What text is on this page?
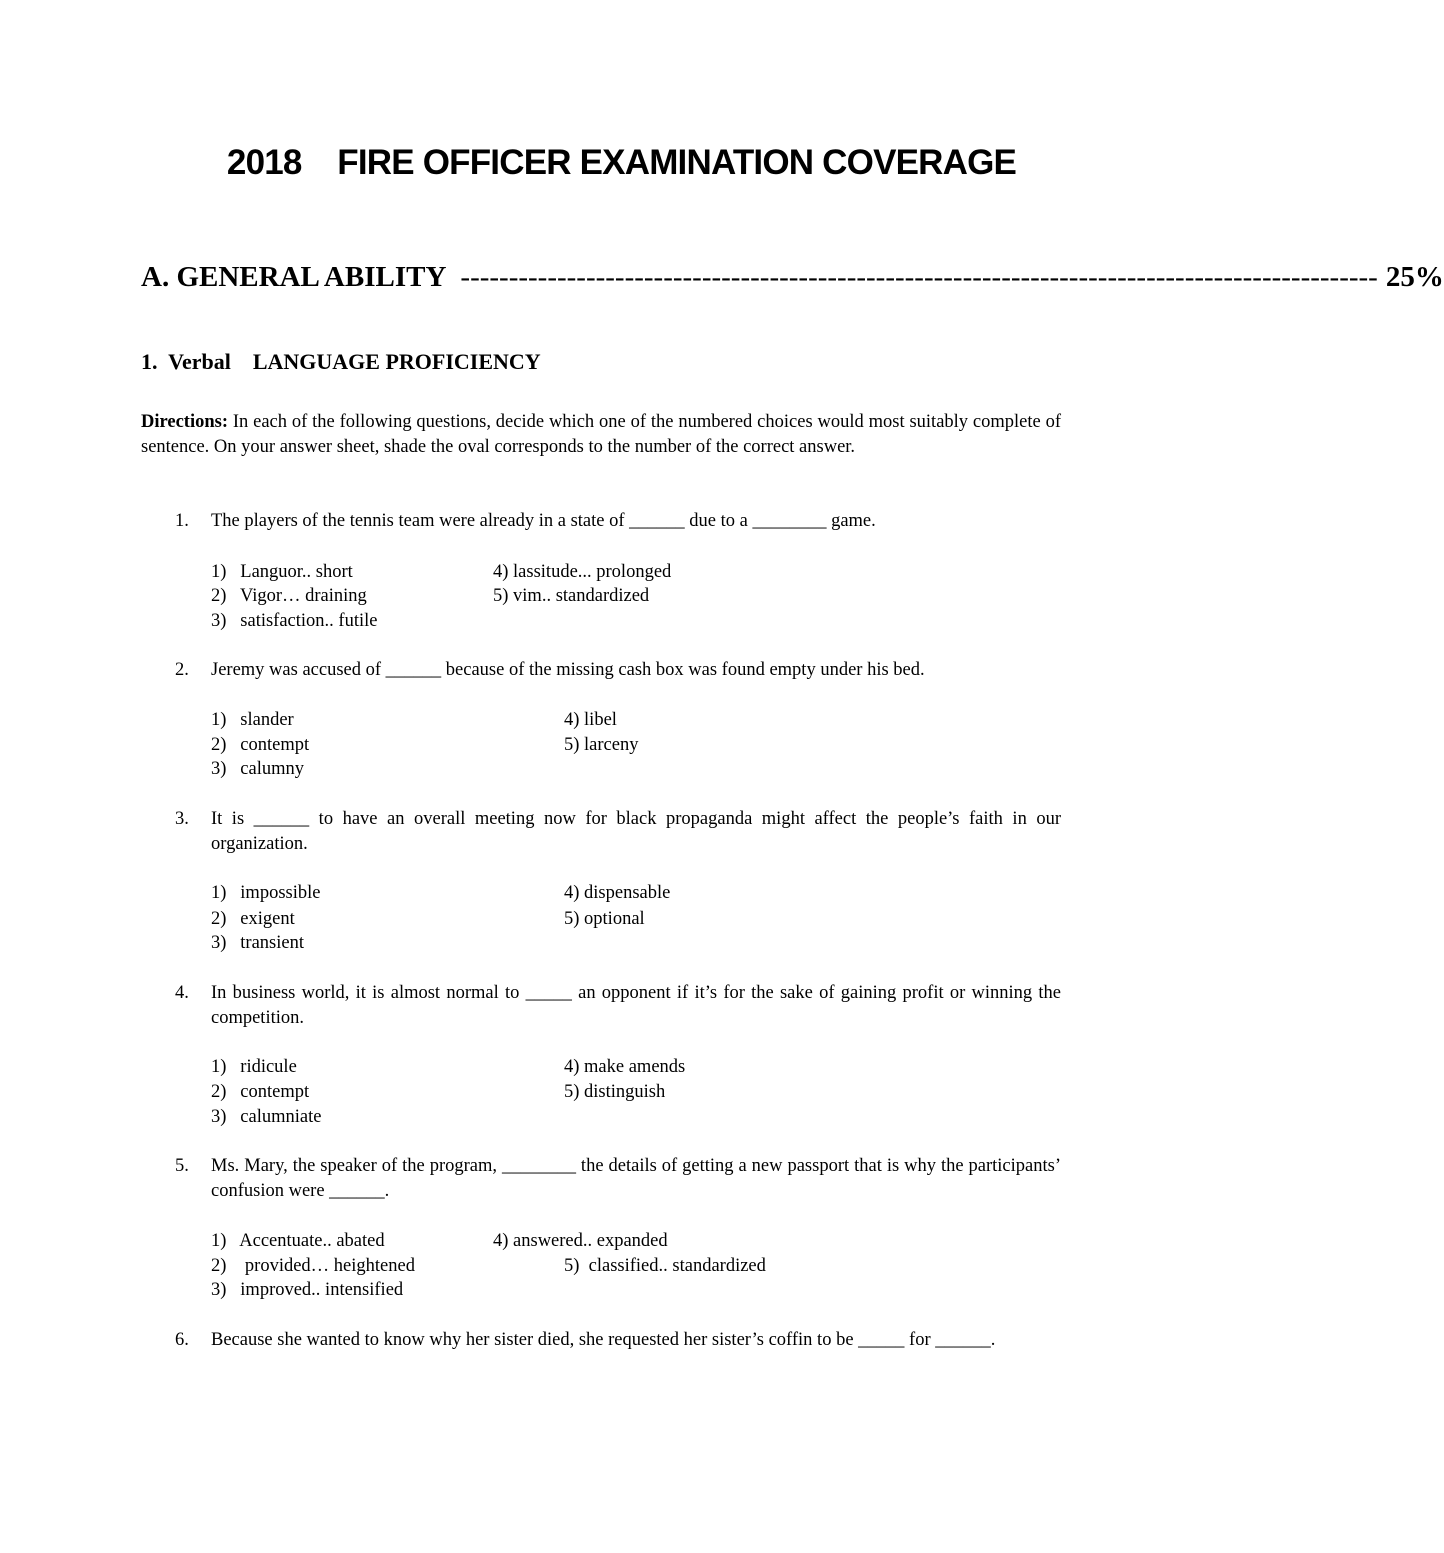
2018    FIRE OFFICER EXAMINATION COVERAGE
A. GENERAL ABILITY ----------------------------------------------------------------------------------------------- 25%
1.  Verbal    LANGUAGE PROFICIENCY
Directions: In each of the following questions, decide which one of the numbered choices would most suitably complete of sentence. On your answer sheet, shade the oval corresponds to the number of the correct answer.
1. The players of the tennis team were already in a state of ______ due to a ________ game.
1)   Languor.. short
2)   Vigor… draining
3)   satisfaction.. futile
4) lassitude... prolonged
5) vim.. standardized
2. Jeremy was accused of ______ because of the missing cash box was found empty under his bed.
1)   slander
2)   contempt
3)   calumny
4) libel
5) larceny
3. It is ______ to have an overall meeting now for black propaganda might affect the people’s faith in our organization.
1)   impossible
2)   exigent
3)   transient
4) dispensable
5) optional
4. In business world, it is almost normal to _____ an opponent if it’s for the sake of gaining profit or winning the competition.
1)   ridicule
2)   contempt
3)   calumniate
4) make amends
5) distinguish
5. Ms. Mary, the speaker of the program, ________ the details of getting a new passport that is why the participants’ confusion were ______.
1)   Accentuate.. abated
2)    provided… heightened
3)   improved.. intensified
4) answered.. expanded
5)  classified.. standardized
6. Because she wanted to know why her sister died, she requested her sister’s coffin to be _____ for ______.
